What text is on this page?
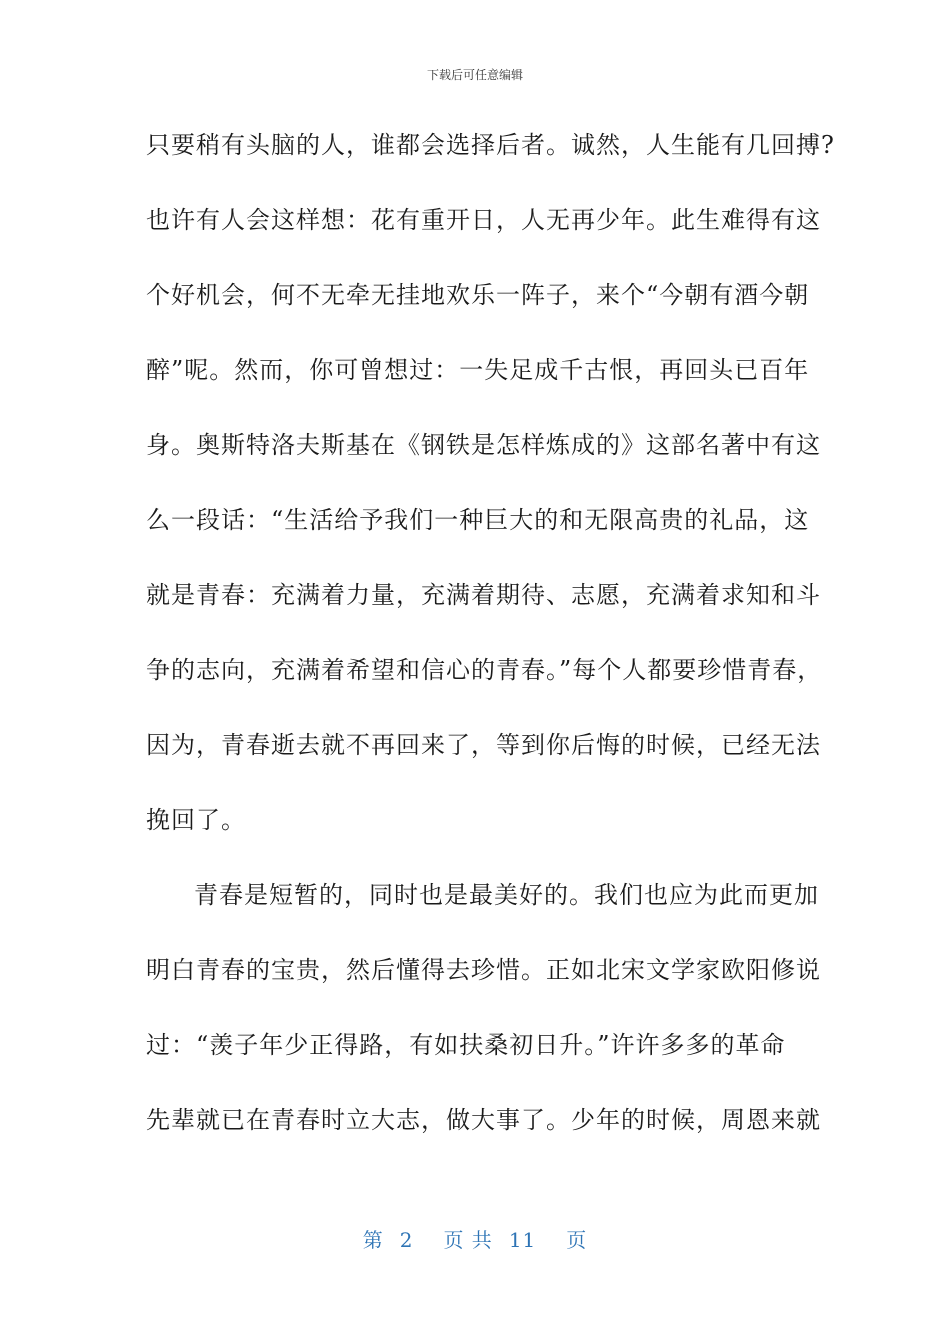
下载后可任意编辑
只要稍有头脑的人，谁都会选择后者。诚然，人生能有几回搏?
也许有人会这样想：花有重开日，人无再少年。此生难得有这
个好机会，何不无牵无挂地欢乐一阵子，来个“今朝有酒今朝
醉”呢。然而，你可曾想过：一失足成千古恨，再回头已百年
身。奥斯特洛夫斯基在《钢铁是怎样炼成的》这部名著中有这
么一段话：“生活给予我们一种巨大的和无限高贵的礼品，这
就是青春：充满着力量，充满着期待、志愿，充满着求知和斗
争的志向，充满着希望和信心的青春。”每个人都要珍惜青春，
因为，青春逝去就不再回来了，等到你后悔的时候，已经无法
挽回了。
青春是短暂的，同时也是最美好的。我们也应为此而更加
明白青春的宝贵，然后懂得去珍惜。正如北宋文学家欧阳修说
过：“羡子年少正得路，有如扶桑初日升。”许许多多的革命
先辈就已在青春时立大志，做大事了。少年的时候，周恩来就
第 2 页 共 11 页
